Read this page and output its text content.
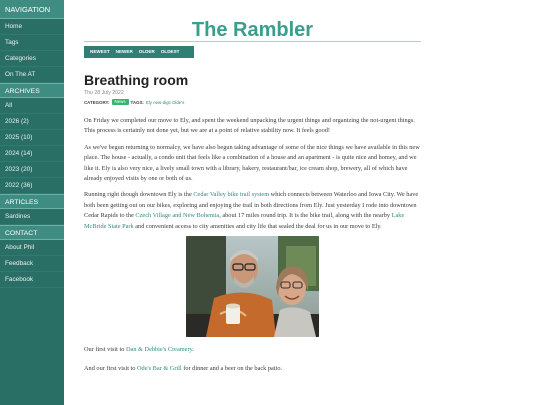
NAVIGATION
Home
Tags
Categories
On The AT
ARCHIVES
All
2026 (2)
2025 (10)
2024 (14)
2023 (20)
2022 (36)
ARTICLES
Sardines
CONTACT
About Phil
Feedback
Facebook
The Rambler
NEWEST	NEWER	OLDER	OLDEST
Breathing room
Thu 28 July 2022
CATEGORY:	News	TAGS: Ely new-digs Olde's

On Friday we completed our move to Ely, and spent the weekend unpacking the urgent things and organizing the not-urgent things. This process is certainly not done yet, but we are at a point of relative stability now. It feels good!

As we've begun returning to normalcy, we have also begun taking advantage of some of the nice things we have available in this new place. The house - actually, a condo unit that feels like a combination of a house and an apartment - is quite nice and homey, and we like it. Ely is also very nice, a lively small town with a library, bakery, restaurant/bar, ice cream shop, brewery, all of which have already enjoyed visits by one or both of us.

Running right though downtown Ely is the Cedar Valley bike trail system which connects between Waterloo and Iowa City. We have both been getting out on our bikes, exploring and enjoying the trail in both directions from Ely. Just yesterday I rode into downtown Cedar Rapids to the Czech Village and New Bohemia, about 17 miles round trip. It is the bike trail, along with the nearby Lake McBride State Park and convenient access to city amenities and city life that sealed the deal for us in our move to Ely.

Our first visit to Dan & Debbie's Creamery.

And our first visit to Ode's Bar & Grill for dinner and a beer on the back patio.
